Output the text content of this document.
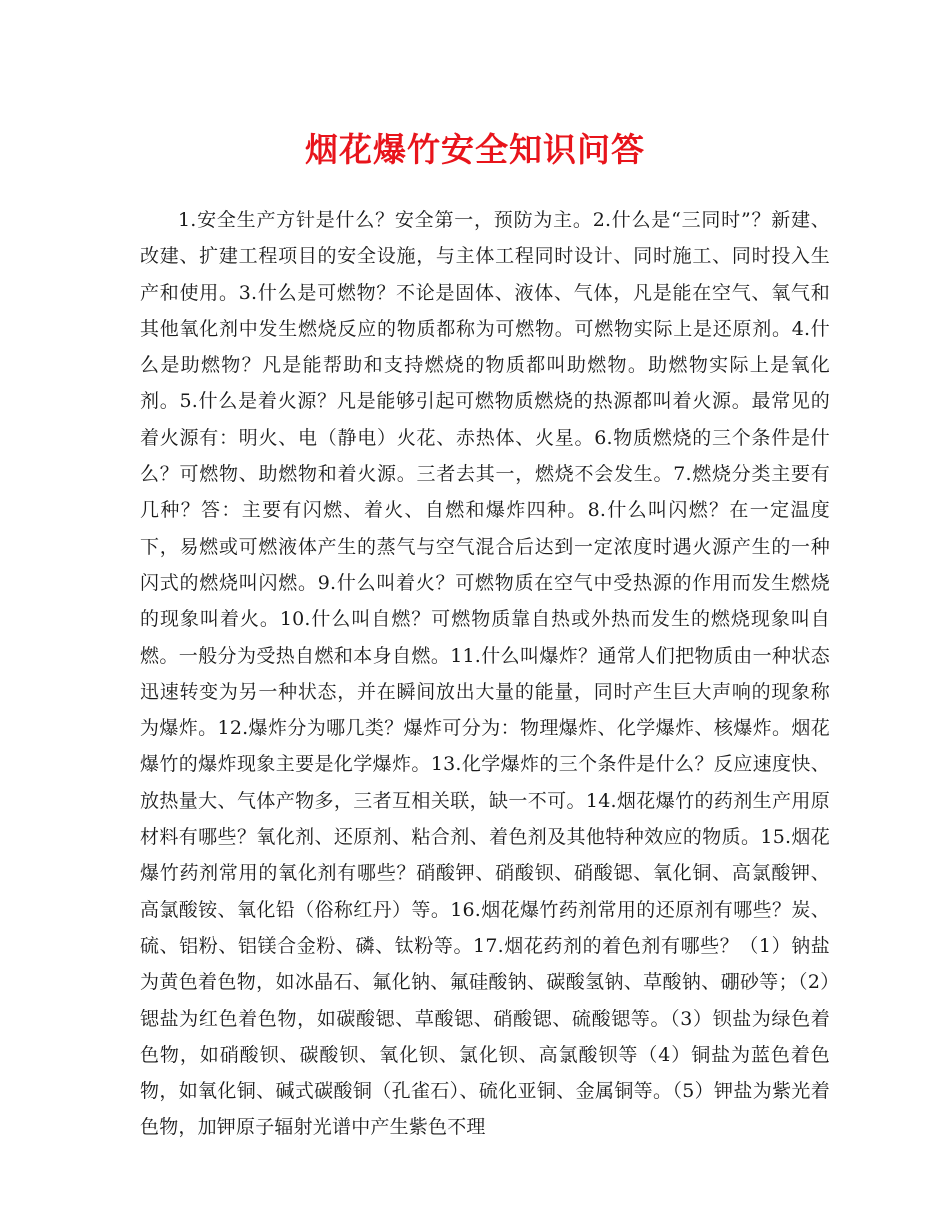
烟花爆竹安全知识问答

1.安全生产方针是什么？安全第一，预防为主。2.什么是“三同时”？新建、改建、扩建工程项目的安全设施，与主体工程同时设计、同时施工、同时投入生产和使用。3.什么是可燃物？不论是固体、液体、气体，凡是能在空气、氧气和其他氧化剂中发生燃烧反应的物质都称为可燃物。可燃物实际上是还原剂。4.什么是助燃物？凡是能帮助和支持燃烧的物质都叫助燃物。助燃物实际上是氧化剂。5.什么是着火源？凡是能够引起可燃物质燃烧的热源都叫着火源。最常见的着火源有：明火、电（静电）火花、赤热体、火星。6.物质燃烧的三个条件是什么？可燃物、助燃物和着火源。三者去其一，燃烧不会发生。7.燃烧分类主要有几种？答：主要有闪燃、着火、自燃和爆炸四种。8.什么叫闪燃？在一定温度下，易燃或可燃液体产生的蒸气与空气混合后达到一定浓度时遇火源产生的一种闪式的燃烧叫闪燃。9.什么叫着火？可燃物质在空气中受热源的作用而发生燃烧的现象叫着火。10.什么叫自燃？可燃物质靠自热或外热而发生的燃烧现象叫自燃。一般分为受热自燃和本身自燃。11.什么叫爆炸？通常人们把物质由一种状态迅速转变为另一种状态，并在瞬间放出大量的能量，同时产生巨大声响的现象称为爆炸。12.爆炸分为哪几类？爆炸可分为：物理爆炸、化学爆炸、核爆炸。烟花爆竹的爆炸现象主要是化学爆炸。13.化学爆炸的三个条件是什么？反应速度快、放热量大、气体产物多，三者互相关联，缺一不可。14.烟花爆竹的药剂生产用原材料有哪些？氧化剂、还原剂、粘合剂、着色剂及其他特种效应的物质。15.烟花爆竹药剂常用的氧化剂有哪些？硝酸钾、硝酸钡、硝酸锶、氧化铜、高氯酸钾、高氯酸铵、氧化铅（俗称红丹）等。16.烟花爆竹药剂常用的还原剂有哪些？炭、硫、铝粉、铝镁合金粉、磷、钛粉等。17.烟花药剂的着色剂有哪些？（1）钠盐为黄色着色物，如冰晶石、氟化钠、氟硅酸钠、碳酸氢钠、草酸钠、硼砂等；（2）锶盐为红色着色物，如碳酸锶、草酸锶、硝酸锶、硫酸锶等。（3）钡盐为绿色着色物，如硝酸钡、碳酸钡、氧化钡、氯化钡、高氯酸钡等（4）铜盐为蓝色着色物，如氧化铜、碱式碳酸铜（孔雀石）、硫化亚铜、金属铜等。（5）钾盐为紫光着色物，加钾原子辐射光谱中产生紫色不理
